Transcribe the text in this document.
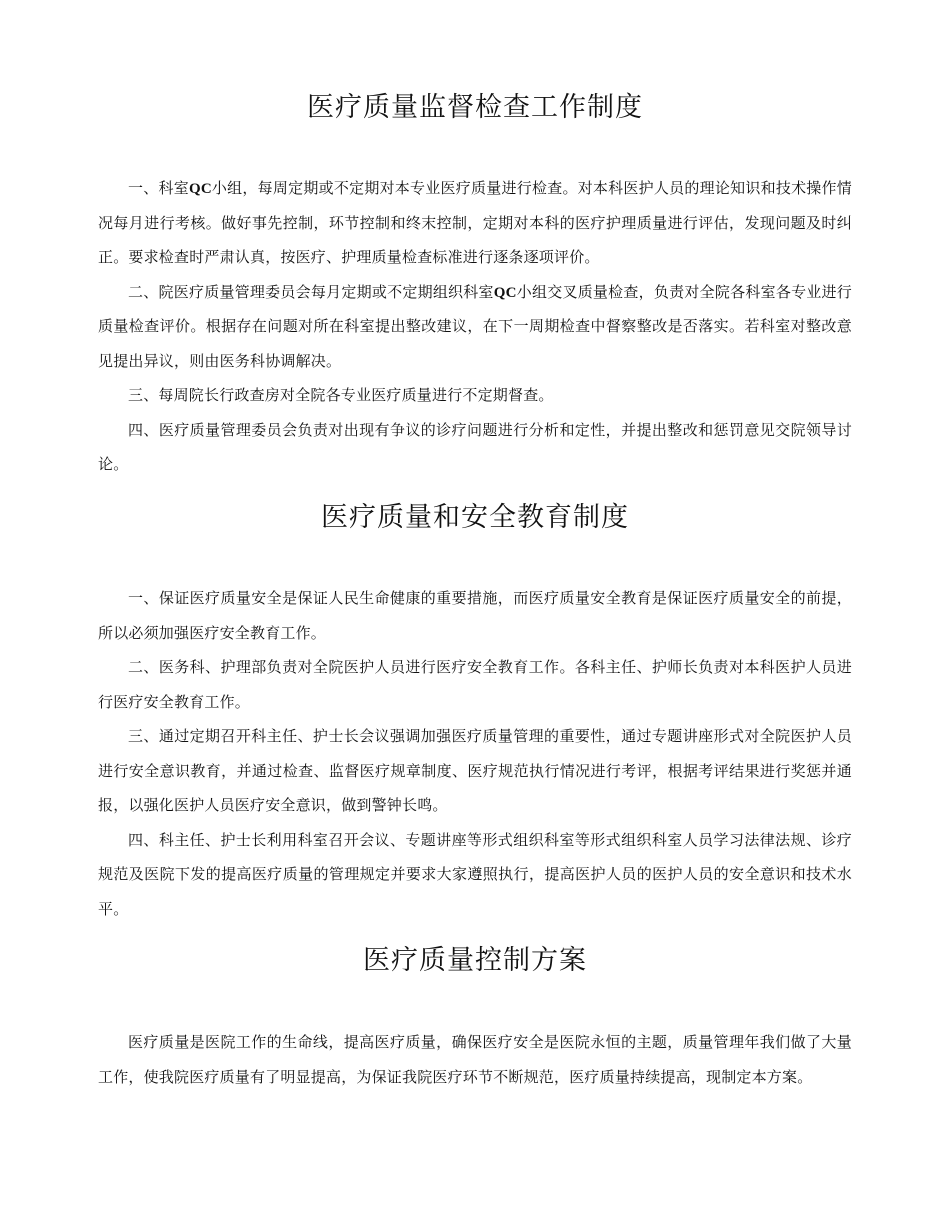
医疗质量监督检查工作制度

一、科室QC小组，每周定期或不定期对本专业医疗质量进行检查。对本科医护人员的理论知识和技术操作情况每月进行考核。做好事先控制，环节控制和终末控制，定期对本科的医疗护理质量进行评估，发现问题及时纠正。要求检查时严肃认真，按医疗、护理质量检查标准进行逐条逐项评价。

二、院医疗质量管理委员会每月定期或不定期组织科室QC小组交叉质量检查，负责对全院各科室各专业进行质量检查评价。根据存在问题对所在科室提出整改建议，在下一周期检查中督察整改是否落实。若科室对整改意见提出异议，则由医务科协调解决。

三、每周院长行政查房对全院各专业医疗质量进行不定期督查。

四、医疗质量管理委员会负责对出现有争议的诊疗问题进行分析和定性，并提出整改和惩罚意见交院领导讨论。

医疗质量和安全教育制度

一、保证医疗质量安全是保证人民生命健康的重要措施，而医疗质量安全教育是保证医疗质量安全的前提，所以必须加强医疗安全教育工作。

二、医务科、护理部负责对全院医护人员进行医疗安全教育工作。各科主任、护师长负责对本科医护人员进行医疗安全教育工作。

三、通过定期召开科主任、护士长会议强调加强医疗质量管理的重要性，通过专题讲座形式对全院医护人员进行安全意识教育，并通过检查、监督医疗规章制度、医疗规范执行情况进行考评，根据考评结果进行奖惩并通报，以强化医护人员医疗安全意识，做到警钟长鸣。

四、科主任、护士长利用科室召开会议、专题讲座等形式组织科室等形式组织科室人员学习法律法规、诊疗规范及医院下发的提高医疗质量的管理规定并要求大家遵照执行，提高医护人员的医护人员的安全意识和技术水平。

医疗质量控制方案

医疗质量是医院工作的生命线，提高医疗质量，确保医疗安全是医院永恒的主题，质量管理年我们做了大量工作，使我院医疗质量有了明显提高，为保证我院医疗环节不断规范，医疗质量持续提高，现制定本方案。
